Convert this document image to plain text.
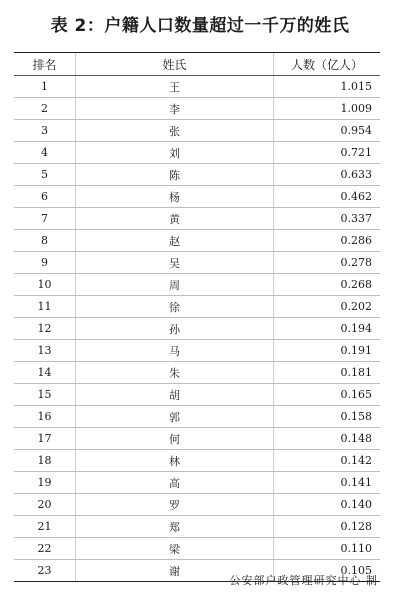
表 2：户籍人口数量超过一千万的姓氏
排名	姓氏	人数（亿人）
1	王	1.015
2	李	1.009
3	张	0.954
4	刘	0.721
5	陈	0.633
6	杨	0.462
7	黄	0.337
8	赵	0.286
9	吴	0.278
10	周	0.268
11	徐	0.202
12	孙	0.194
13	马	0.191
14	朱	0.181
15	胡	0.165
16	郭	0.158
17	何	0.148
18	林	0.142
19	高	0.141
20	罗	0.140
21	郑	0.128
22	梁	0.110
23	谢	0.105
公安部户政管理研究中心 制
